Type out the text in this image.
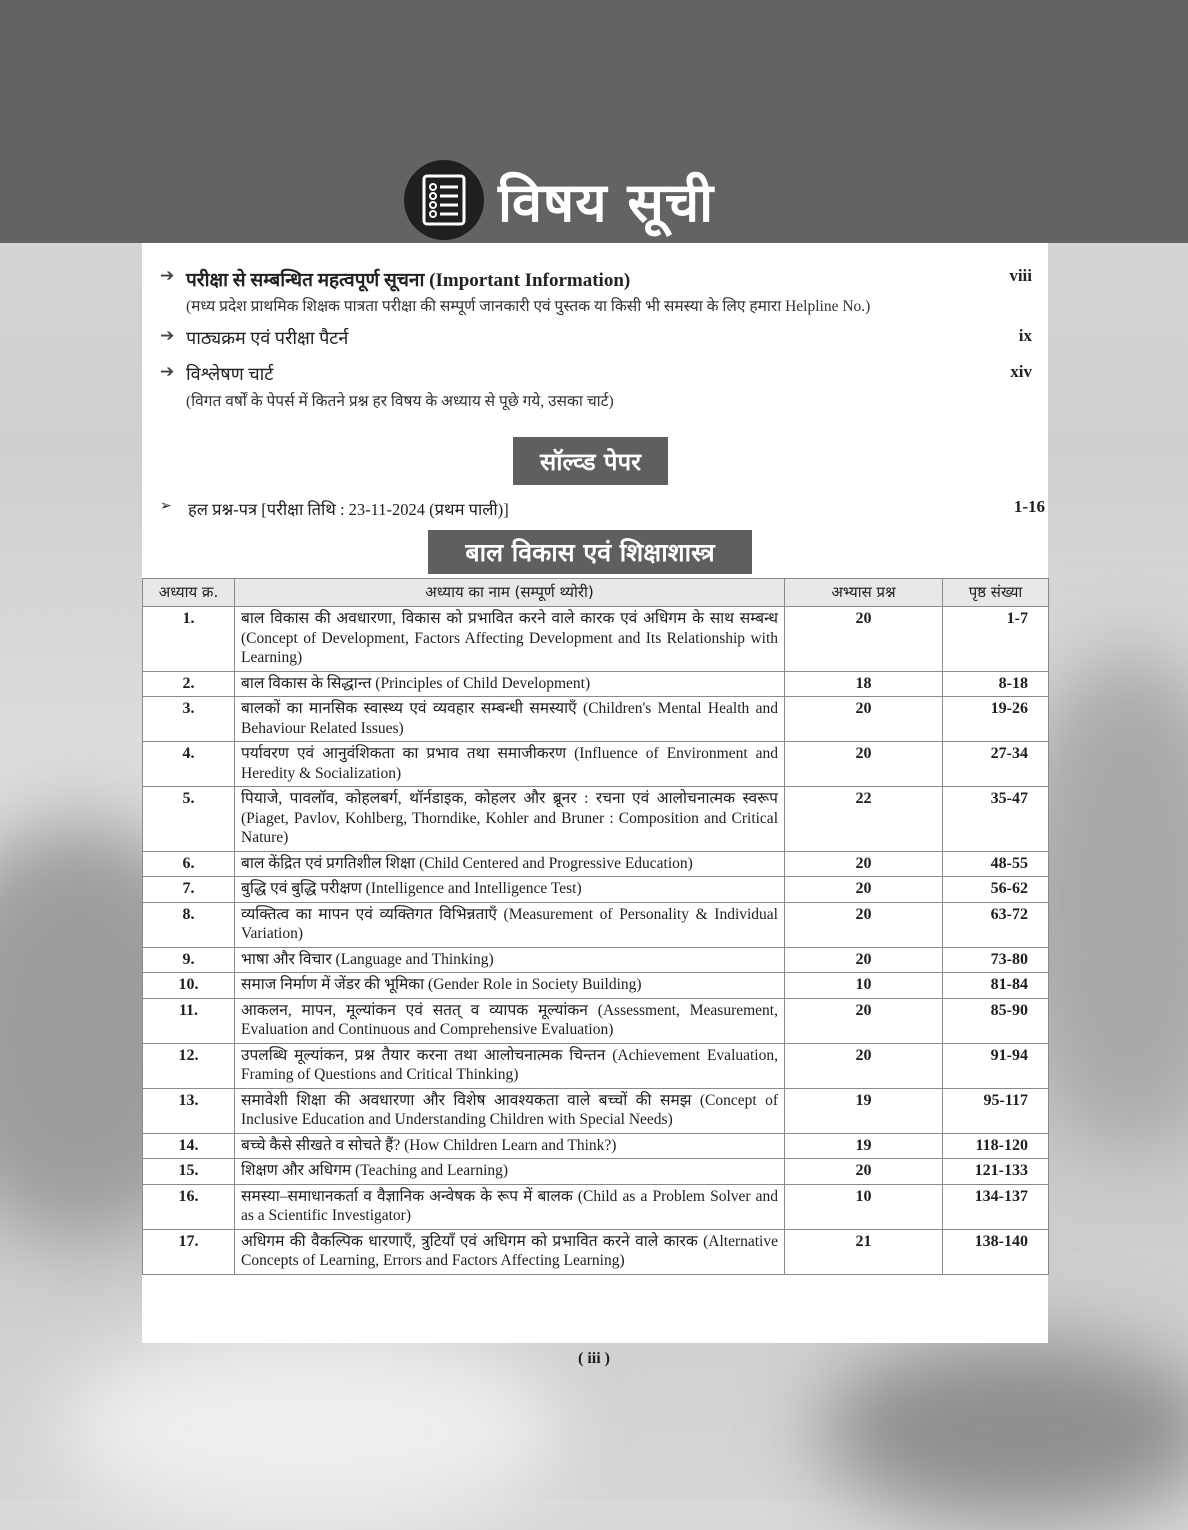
विषय सूची
➔ परीक्षा से सम्बन्धित महत्वपूर्ण सूचना (Important Information)
(मध्य प्रदेश प्राथमिक शिक्षक पात्रता परीक्षा की सम्पूर्ण जानकारी एवं पुस्तक या किसी भी समस्या के लिए हमारा Helpline No.)
viii
➔ पाठ्यक्रम एवं परीक्षा पैटर्न	ix
➔ विश्लेषण चार्ट
(विगत वर्षों के पेपर्स में कितने प्रश्न हर विषय के अध्याय से पूछे गये, उसका चार्ट)
xiv
सॉल्व्ड पेपर
➢ हल प्रश्न-पत्र [परीक्षा तिथि : 23-11-2024 (प्रथम पाली)]	1-16
बाल विकास एवं शिक्षाशास्त्र
अध्याय क्र.	अध्याय का नाम (सम्पूर्ण थ्योरी)	अभ्यास प्रश्न	पृष्ठ संख्या
1.	बाल विकास की अवधारणा, विकास को प्रभावित करने वाले कारक एवं अधिगम के साथ सम्बन्ध (Concept of Development, Factors Affecting Development and Its Relationship with Learning)	20	1-7
2.	बाल विकास के सिद्धान्त (Principles of Child Development)	18	8-18
3.	बालकों का मानसिक स्वास्थ्य एवं व्यवहार सम्बन्धी समस्याएँ (Children's Mental Health and Behaviour Related Issues)	20	19-26
4.	पर्यावरण एवं आनुवंशिकता का प्रभाव तथा समाजीकरण (Influence of Environment and Heredity & Socialization)	20	27-34
5.	पियाजे, पावलॉव, कोहलबर्ग, थॉर्नडाइक, कोहलर और ब्रूनर : रचना एवं आलोचनात्मक स्वरूप (Piaget, Pavlov, Kohlberg, Thorndike, Kohler and Bruner : Composition and Critical Nature)	22	35-47
6.	बाल केंद्रित एवं प्रगतिशील शिक्षा (Child Centered and Progressive Education)	20	48-55
7.	बुद्धि एवं बुद्धि परीक्षण (Intelligence and Intelligence Test)	20	56-62
8.	व्यक्तित्व का मापन एवं व्यक्तिगत विभिन्नताएँ (Measurement of Personality & Individual Variation)	20	63-72
9.	भाषा और विचार (Language and Thinking)	20	73-80
10.	समाज निर्माण में जेंडर की भूमिका (Gender Role in Society Building)	10	81-84
11.	आकलन, मापन, मूल्यांकन एवं सतत् व व्यापक मूल्यांकन (Assessment, Measurement, Evaluation and Continuous and Comprehensive Evaluation)	20	85-90
12.	उपलब्धि मूल्यांकन, प्रश्न तैयार करना तथा आलोचनात्मक चिन्तन (Achievement Evaluation, Framing of Questions and Critical Thinking)	20	91-94
13.	समावेशी शिक्षा की अवधारणा और विशेष आवश्यकता वाले बच्चों की समझ (Concept of Inclusive Education and Understanding Children with Special Needs)	19	95-117
14.	बच्चे कैसे सीखते व सोचते हैं? (How Children Learn and Think?)	19	118-120
15.	शिक्षण और अधिगम (Teaching and Learning)	20	121-133
16.	समस्या–समाधानकर्ता व वैज्ञानिक अन्वेषक के रूप में बालक (Child as a Problem Solver and as a Scientific Investigator)	10	134-137
17.	अधिगम की वैकल्पिक धारणाएँ, त्रुटियाँ एवं अधिगम को प्रभावित करने वाले कारक (Alternative Concepts of Learning, Errors and Factors Affecting Learning)	21	138-140
( iii )
